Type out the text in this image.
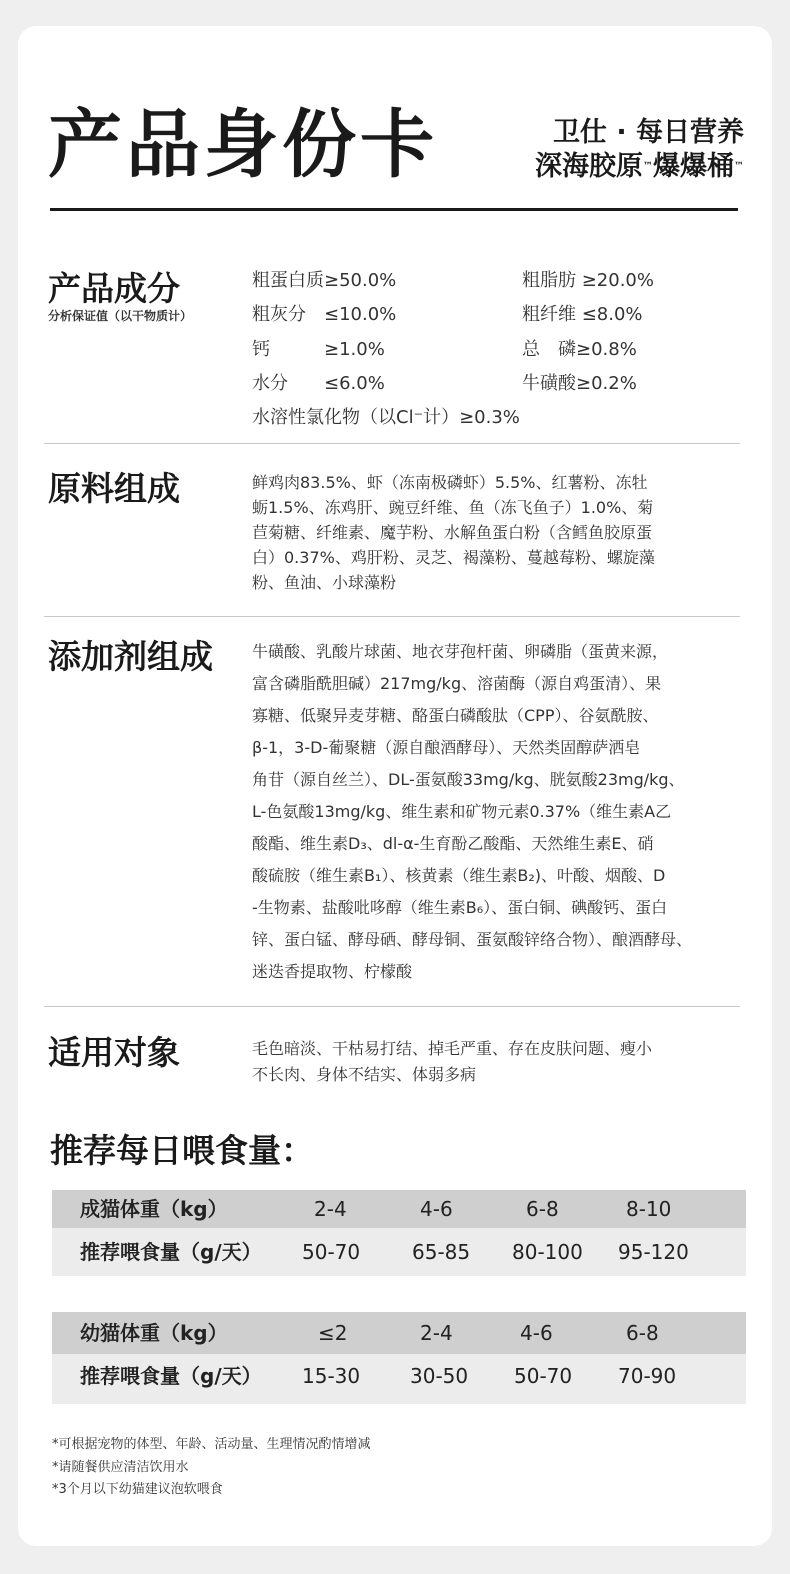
产品身份卡	卫仕 · 每日营养
深海胶原™爆爆桶™
产品成分
分析保证值（以干物质计）
粗蛋白质≥50.0%	粗脂肪 ≥20.0%
粗灰分　≤10.0%	粗纤维 ≤8.0%
钙　　　≥1.0%	总　磷≥0.8%
水分　　≤6.0%	牛磺酸≥0.2%
水溶性氯化物（以Cl⁻计）≥0.3%
原料组成	鲜鸡肉83.5%、虾（冻南极磷虾）5.5%、红薯粉、冻牡

蛎1.5%、冻鸡肝、豌豆纤维、鱼（冻飞鱼子）1.0%、菊

苣菊糖、纤维素、魔芋粉、水解鱼蛋白粉（含鳕鱼胶原蛋

白）0.37%、鸡肝粉、灵芝、褐藻粉、蔓越莓粉、螺旋藻

粉、鱼油、小球藻粉

添加剂组成 牛磺酸、乳酸片球菌、地衣芽孢杆菌、卵磷脂（蛋黄来源，

富含磷脂酰胆碱）217mg/kg、溶菌酶（源自鸡蛋清）、果

寡糖、低聚异麦芽糖、酪蛋白磷酸肽（CPP）、谷氨酰胺、

β-1，3-D-葡聚糖（源自酿酒酵母）、天然类固醇萨洒皂

角苷（源自丝兰）、DL-蛋氨酸33mg/kg、胱氨酸23mg/kg、

L-色氨酸13mg/kg、维生素和矿物元素0.37%（维生素A乙

酸酯、维生素D₃、dl-α-生育酚乙酸酯、天然维生素E、硝

酸硫胺（维生素B₁）、核黄素（维生素B₂)、叶酸、烟酸、D

-生物素、盐酸吡哆醇（维生素B₆）、蛋白铜、碘酸钙、蛋白

锌、蛋白锰、酵母硒、酵母铜、蛋氨酸锌络合物）、酿酒酵母、

迷迭香提取物、柠檬酸

适用对象	毛色暗淡、干枯易打结、掉毛严重、存在皮肤问题、瘦小

不长肉、身体不结实、体弱多病

推荐每日喂食量：
成猫体重（kg）	2-4	4-6	6-8	8-10
推荐喂食量（g/天） 50-70	65-85 80-100 95-120
幼猫体重（kg）	≤2	2-4	4-6	6-8
推荐喂食量（g/天） 15-30 30-50 50-70 70-90

*可根据宠物的体型、年龄、活动量、生理情况酌情增减

*请随餐供应清洁饮用水

*3个月以下幼猫建议泡软喂食
